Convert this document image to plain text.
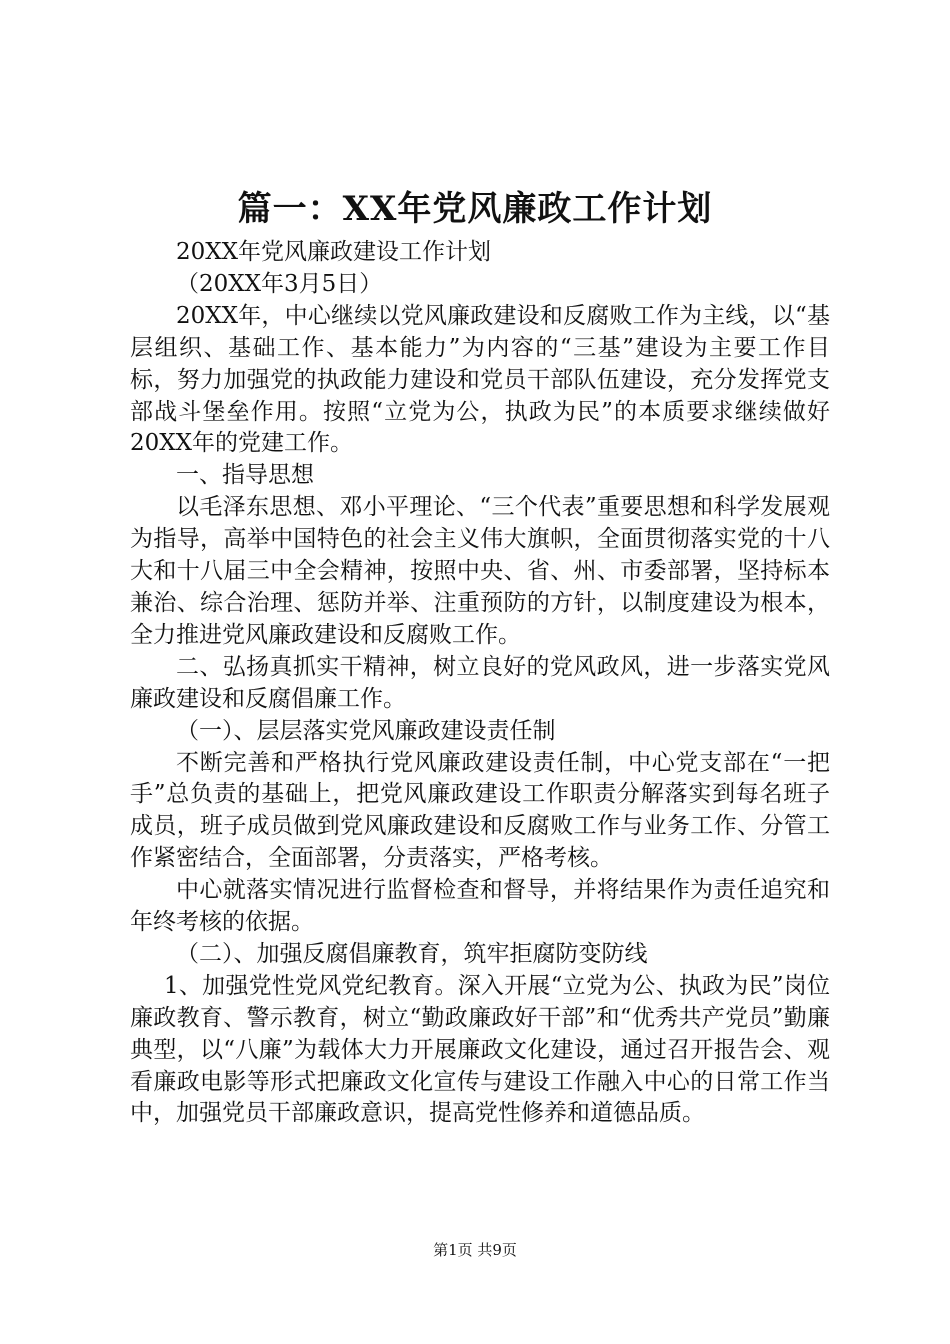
篇一：XX年党风廉政工作计划

20XX年党风廉政建设工作计划

（20XX年3月5日）

20XX年，中心继续以党风廉政建设和反腐败工作为主线，以“基层组织、基础工作、基本能力”为内容的“三基”建设为主要工作目标，努力加强党的执政能力建设和党员干部队伍建设，充分发挥党支部战斗堡垒作用。按照“立党为公，执政为民”的本质要求继续做好20XX年的党建工作。

一、指导思想

以毛泽东思想、邓小平理论、“三个代表”重要思想和科学发展观为指导，高举中国特色的社会主义伟大旗帜，全面贯彻落实党的十八大和十八届三中全会精神，按照中央、省、州、市委部署，坚持标本兼治、综合治理、惩防并举、注重预防的方针，以制度建设为根本，全力推进党风廉政建设和反腐败工作。

二、弘扬真抓实干精神，树立良好的党风政风，进一步落实党风廉政建设和反腐倡廉工作。

（一）、层层落实党风廉政建设责任制

不断完善和严格执行党风廉政建设责任制，中心党支部在“一把手”总负责的基础上，把党风廉政建设工作职责分解落实到每名班子成员，班子成员做到党风廉政建设和反腐败工作与业务工作、分管工作紧密结合，全面部署，分责落实，严格考核。

中心就落实情况进行监督检查和督导，并将结果作为责任追究和年终考核的依据。

（二）、加强反腐倡廉教育，筑牢拒腐防变防线

1、加强党性党风党纪教育。深入开展“立党为公、执政为民”岗位廉政教育、警示教育，树立“勤政廉政好干部”和“优秀共产党员”勤廉典型，以“八廉”为载体大力开展廉政文化建设，通过召开报告会、观看廉政电影等形式把廉政文化宣传与建设工作融入中心的日常工作当中，加强党员干部廉政意识，提高党性修养和道德品质。

第1页 共9页
